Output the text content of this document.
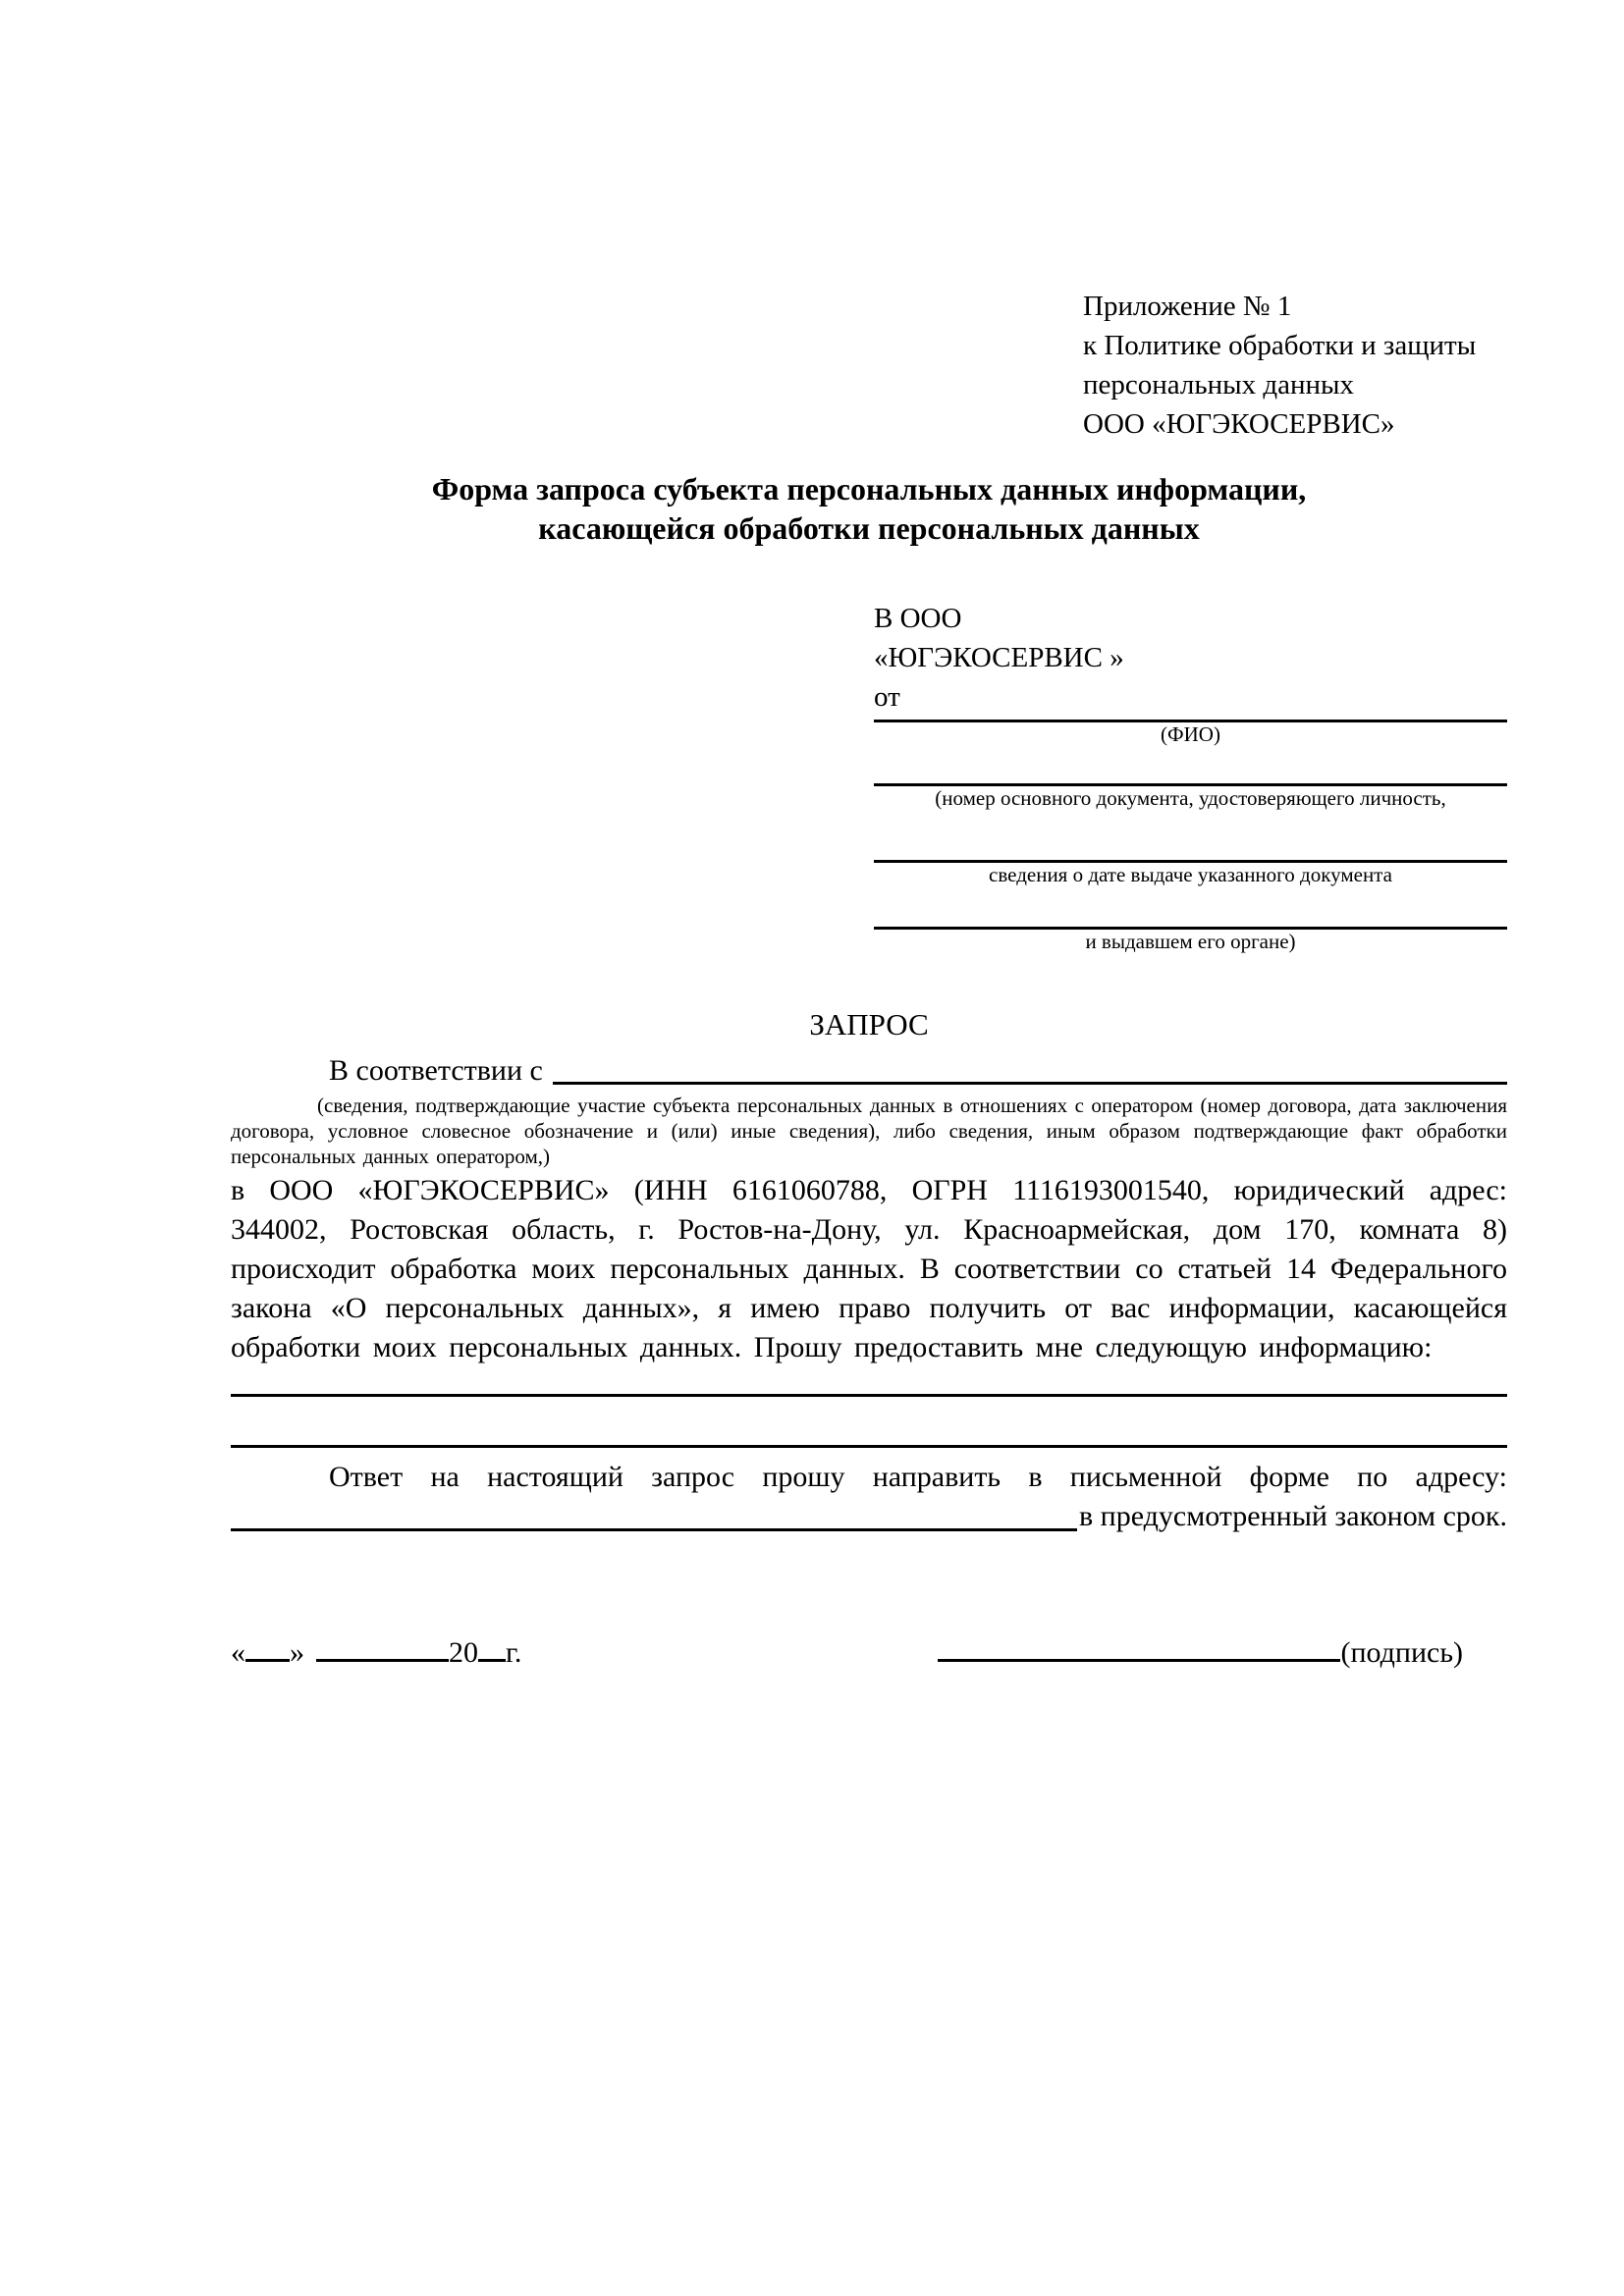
Приложение № 1
к Политике обработки и защиты
персональных данных
ООО «ЮГЭКОСЕРВИС»
Форма запроса субъекта персональных данных информации,
касающейся обработки персональных данных
В ООО
«ЮГЭКОСЕРВИС »
от
(ФИО)
(номер основного документа, удостоверяющего личность,
сведения о дате выдаче указанного документа
и выдавшем его органе)
ЗАПРОС
В соответствии с
(сведения, подтверждающие участие субъекта персональных данных в отношениях с оператором (номер договора, дата заключения договора, условное словесное обозначение и (или) иные сведения), либо сведения, иным образом подтверждающие факт обработки персональных данных оператором,)
в ООО «ЮГЭКОСЕРВИС» (ИНН 6161060788, ОГРН 1116193001540, юридический адрес: 344002, Ростовская область, г. Ростов-на-Дону, ул. Красноармейская, дом 170, комната 8) происходит обработка моих персональных данных. В соответствии со статьей 14 Федерального закона «О персональных данных», я имею право получить от вас информации, касающейся обработки моих персональных данных. Прошу предоставить мне следующую информацию:
Ответ на настоящий запрос прошу направить в письменной форме по адресу:
в предусмотренный законом срок.
« »	20 г.	(подпись)
